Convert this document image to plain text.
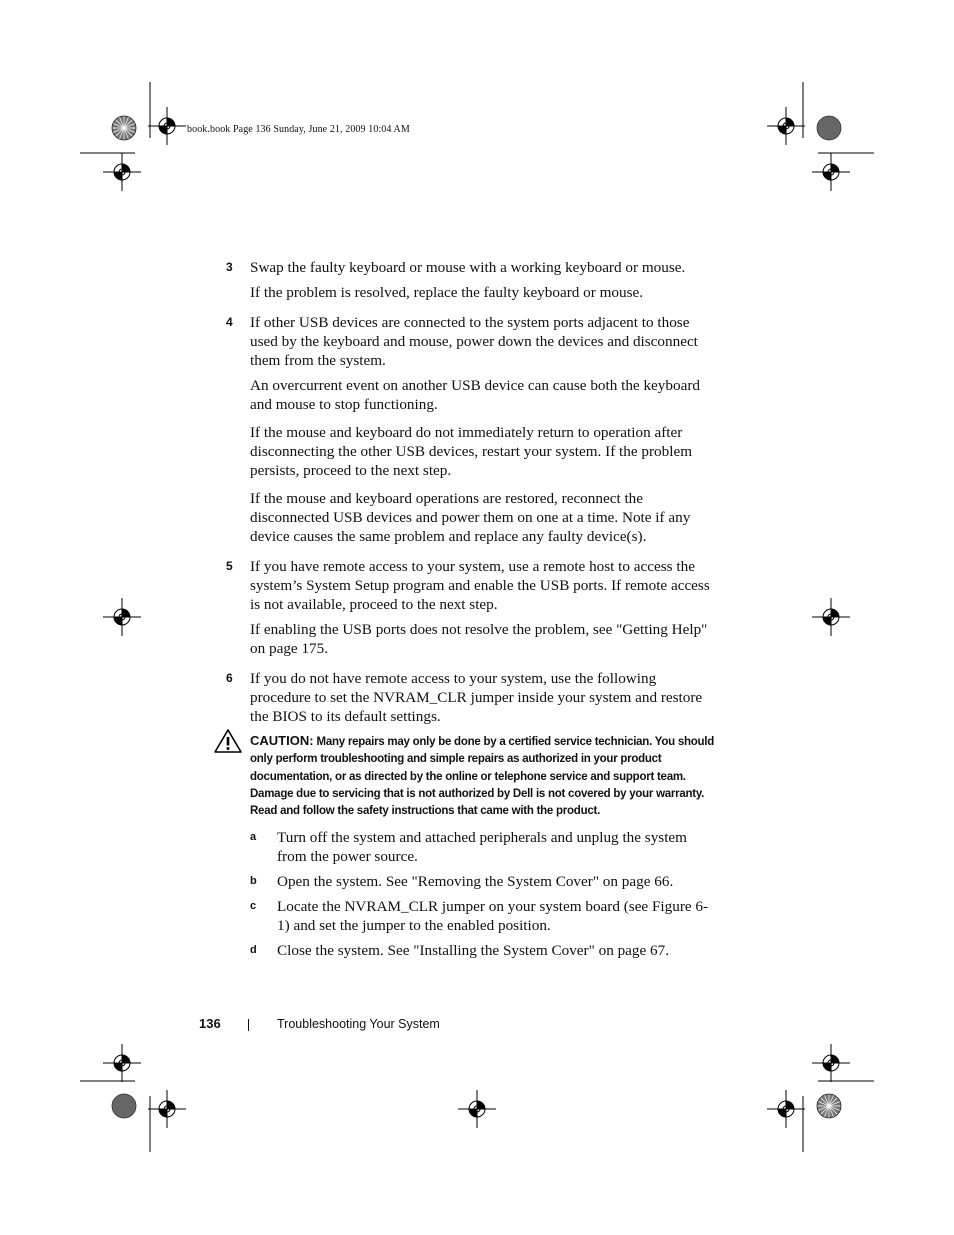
book.book Page 136 Sunday, June 21, 2009 10:04 AM
3 Swap the faulty keyboard or mouse with a working keyboard or mouse.

If the problem is resolved, replace the faulty keyboard or mouse.

4 If other USB devices are connected to the system ports adjacent to those used by the keyboard and mouse, power down the devices and disconnect them from the system.

An overcurrent event on another USB device can cause both the keyboard and mouse to stop functioning.

If the mouse and keyboard do not immediately return to operation after disconnecting the other USB devices, restart your system. If the problem persists, proceed to the next step.

If the mouse and keyboard operations are restored, reconnect the disconnected USB devices and power them on one at a time. Note if any device causes the same problem and replace any faulty device(s).

5 If you have remote access to your system, use a remote host to access the system’s System Setup program and enable the USB ports. If remote access is not available, proceed to the next step.

If enabling the USB ports does not resolve the problem, see "Getting Help" on page 175.

6 If you do not have remote access to your system, use the following procedure to set the NVRAM_CLR jumper inside your system and restore the BIOS to its default settings.

CAUTION: Many repairs may only be done by a certified service technician. You should only perform troubleshooting and simple repairs as authorized in your product documentation, or as directed by the online or telephone service and support team. Damage due to servicing that is not authorized by Dell is not covered by your warranty. Read and follow the safety instructions that came with the product.
a Turn off the system and attached peripherals and unplug the system from the power source.

b Open the system. See "Removing the System Cover" on page 66.

c Locate the NVRAM_CLR jumper on your system board (see Figure 6-1) and set the jumper to the enabled position.

d Close the system. See "Installing the System Cover" on page 67.

136	Troubleshooting Your System
